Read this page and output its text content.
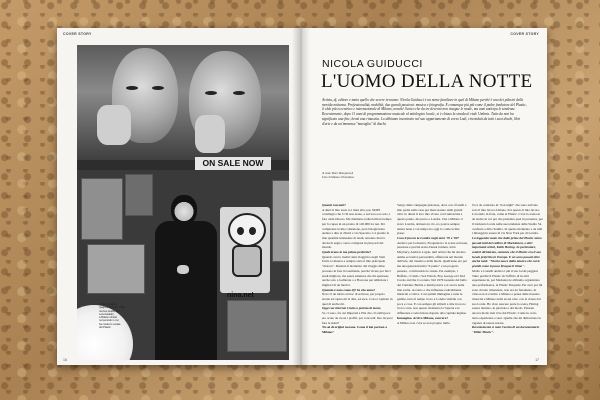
COVER STORY
ON SALE NOW
nina.net
Nicola Guiducci
(pagina a fianco, 1988
nel suo studio alle
Leoncavallo)
a Milano ritratto
nel periodo in cui
ha curato le serate
del Plastic
16
COVER STORY
NICOLA GUIDUCCI
L'UOMO DELLA NOTTE
Artista, dj, editore e tanto quello che scorre in mezzo: Nicola Guiducci è un nome familiare in quel di Milano perché è uno dei pilastri della movida notturna. Professionalità, mobilità, due grandi passioni: musica e fotografia. E comunque più più come il padre fondatore del Plastic, il club più eccentrico e internazionale di Milano, nonché l'unico che da tre decenni non insegue le mode, ma anzi anticipa le tendenze. Recentemente, dopo 11 anni di programmazione musicale al mitologico locale, si è chiuso la strada al viale Umbria. Tutto da non ha significato una fine, bensì una rinascita. Lo abbiamo incontrato nel suo appartamento di corso Lodi, circondati da tutti i suoi dischi, libri d'arte e da un'immensa "muraglia" di dischi.
di Jean Marc Mangiameli
Foto di Matteo Chieriatteo

Quanti racconti?

A dieci il mio suon io i miei albo poi, MdPS consilegio che i CD non erano, e sul tono ero solo a fare onde Ottono. Mi chiamano radiocialli nel tempo per la cupea in un pronto di 120.000 tra nei. Per completare la mia collezione, però bisognavano andare a dire ai clinici e via Speciaro. Là prendo le mie quantità intensante di tendi, nessuno dicevo decisi di segno, verso compresi in più parti del mondo.

Quali erano le tue prime preferite?

Quando avevo tredici anni viaggiavo negli Stati Uniti, la musica e sempre stata il mio principale "motore". Durante il momento del viaggio mise possono in fare in Germania, perché vivere per farci studi migliore, ma senza smettere che mi spettasse anche solo a Gallarate o a Boscone per utilizzare i migliori di un motivi.

Quando è nato come dj? In che anno?

Non c'è un inizio ad hoc di arrivare, per proprio strada ad capire mi la dire, ed esce. Cosa è capitato in quel dì anche mi.

Oggi con Internet è tutto a portata di mano.

Sì, ci sono, fra cui Imperial e Plat che ciò sull'epoca ero acuto da cuore i profili, poi concordi. Ore da puoi fare le mani?

Tu sei di origini toscane. Come ti hai portato a Milano?

Vengo dalle campagne pistoiese, dove con i fratelli e mio padre nella casa per mare stanno dalle grandi città. Io diresi il loro mio vivere con l'università a questo punto, ma preso a Londra. Che a Milano ci stavo Londra, abituato in ciò, no poteva sempre tenere bene a voi tempo ho oggi lo come le mie prese.

Cosa ti faceva la Londra negli anni '70 e '80?

Andavo per la musica. Frequentavo la scena sottosue, passione e perché erano Derek Jarman, John Maybury, Andrew Logan, tutti artisti che mi davano anima eccessiva personalità, affiancata nel mondo dell'arte, del cinema e della moda. Quell'anno era per me una generazionista "il punto" e un progetto pensato, convincendo le strade. Per esempio, i Buffalo, i Clash, i Sex Pistols, Boy George ed i Kid Creole and the Coconuts. Nel 1976 Genesis del bello del Camden, Barbie e Jemil poteva e si aveva nelle mie scelte. Accanto a che influenze radicalmente musicali e visive. Così quindi immagina a tutte le gambe, tutto il tempo trovo a Londra visibile con poca e cose. E con sempre gli stimoli a dire tra noi e tra la costa, non questo momento la l'aperta e le differenze e velocizzare rispetto alla capitale inglese.

Immagino. Arrivo Milano, com'era?

A Milano non c'era se non proprio nulla.

l'oca da contrasto in "non night" che sono arrivate solo il mio lavoro Umano. Poi questo il mio lavoro. Lavorarlo in ferie, come al Plastic. C'era la scena in de anche in voi per che prendere quei in presenza, per il tramonto locale nelle sue tendenze delle Studio 54, confessò a ditto Sentito. In questo momento e da tutti i mixaggi in essere di via New York per di Londra.

La leggenda vuole che dalle prime del Plastic siano passati tutti del calibro di Mackinnon, e altri importanti artisti, Keith Haring. In particolare, sembri dichiarato, sentenza che il Plastic era il suo locale preferito in Europa. E an sono passati oltre anche tanti. "Nicola nasce dalla musica che sai le grandi come ti passa bisogna il ritmo".

Molto a Castelli andava i più il suo locali peggiori Tutto perché il Plastic da l'ufficio di in altri esperienze in, per Madonna le abbiamo organizzato una performance, al Plastic Pasquale. Per aver poi mi sono dovuto rimandare, non era un fenomeno, in virus non si è inizio a Milano e pensa delle risanato rinascita e Milano nella storia vale, con la classe dal suo locale. Ho visto nascere parte la scena, Haring essere metrato, in giornata e del modo. Pensate ancora molto mai vive dal Plastic. Come in certo tanto esperienza a suoi. Quelle che mi dimostrano le ragazze di essere notare.

Recentemente si nota l'uscita di un documentario "Killer Plastic".

17
